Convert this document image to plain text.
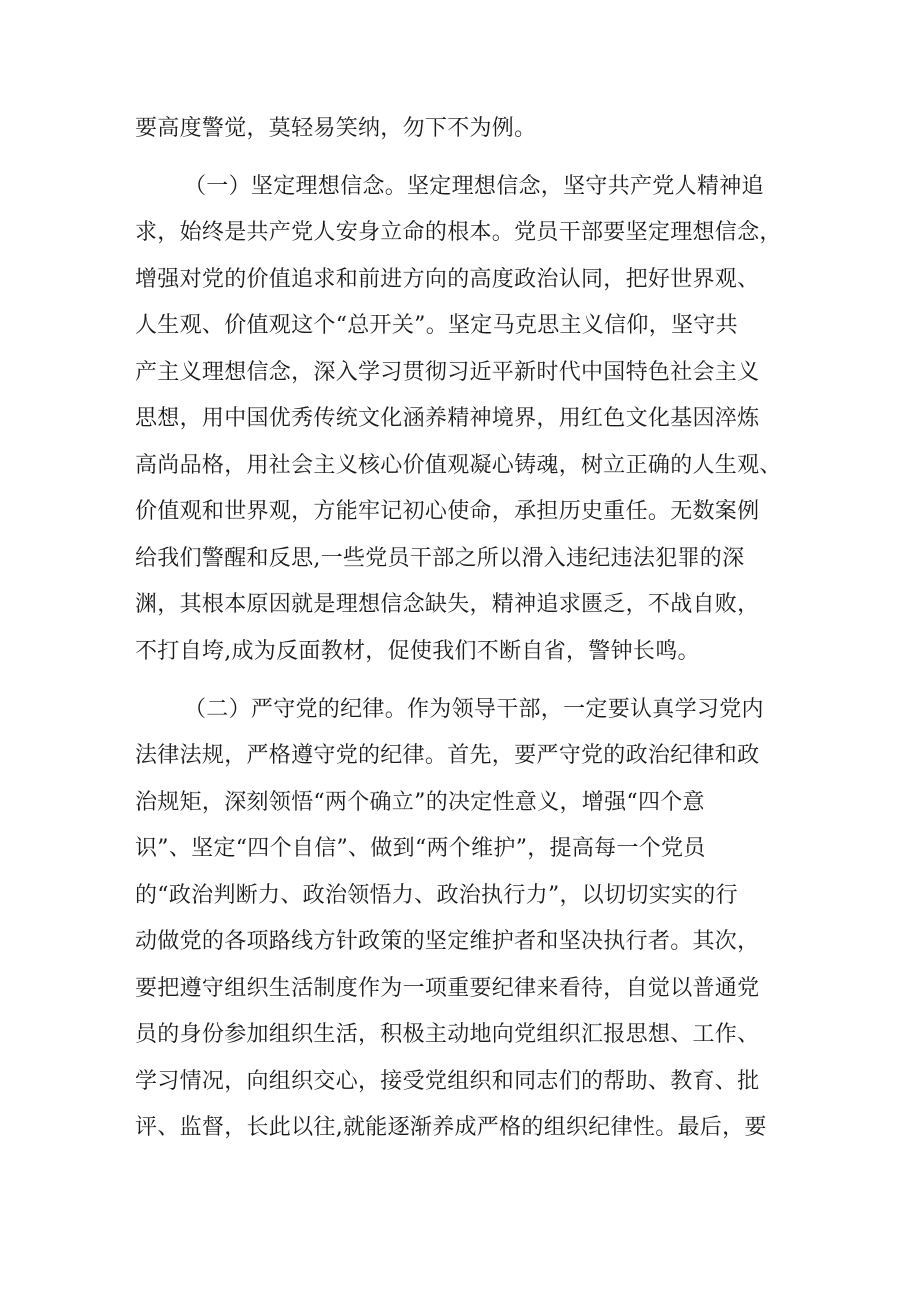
要高度警觉，莫轻易笑纳，勿下不为例。

（一）坚定理想信念。坚定理想信念，坚守共产党人精神追

求，始终是共产党人安身立命的根本。党员干部要坚定理想信念，

增强对党的价值追求和前进方向的高度政治认同，把好世界观、

人生观、价值观这个“总开关”。坚定马克思主义信仰，坚守共

产主义理想信念，深入学习贯彻习近平新时代中国特色社会主义

思想，用中国优秀传统文化涵养精神境界，用红色文化基因淬炼

高尚品格，用社会主义核心价值观凝心铸魂，树立正确的人生观、

价值观和世界观，方能牢记初心使命，承担历史重任。无数案例

给我们警醒和反思,一些党员干部之所以滑入违纪违法犯罪的深

渊，其根本原因就是理想信念缺失，精神追求匮乏，不战自败，

不打自垮,成为反面教材，促使我们不断自省，警钟长鸣。

（二）严守党的纪律。作为领导干部，一定要认真学习党内

法律法规，严格遵守党的纪律。首先，要严守党的政治纪律和政

治规矩，深刻领悟“两个确立”的决定性意义，增强“四个意

识”、坚定“四个自信”、做到“两个维护”，提高每一个党员

的“政治判断力、政治领悟力、政治执行力”，以切切实实的行

动做党的各项路线方针政策的坚定维护者和坚决执行者。其次，

要把遵守组织生活制度作为一项重要纪律来看待，自觉以普通党

员的身份参加组织生活，积极主动地向党组织汇报思想、工作、

学习情况，向组织交心，接受党组织和同志们的帮助、教育、批

评、监督，长此以往,就能逐渐养成严格的组织纪律性。最后，要
